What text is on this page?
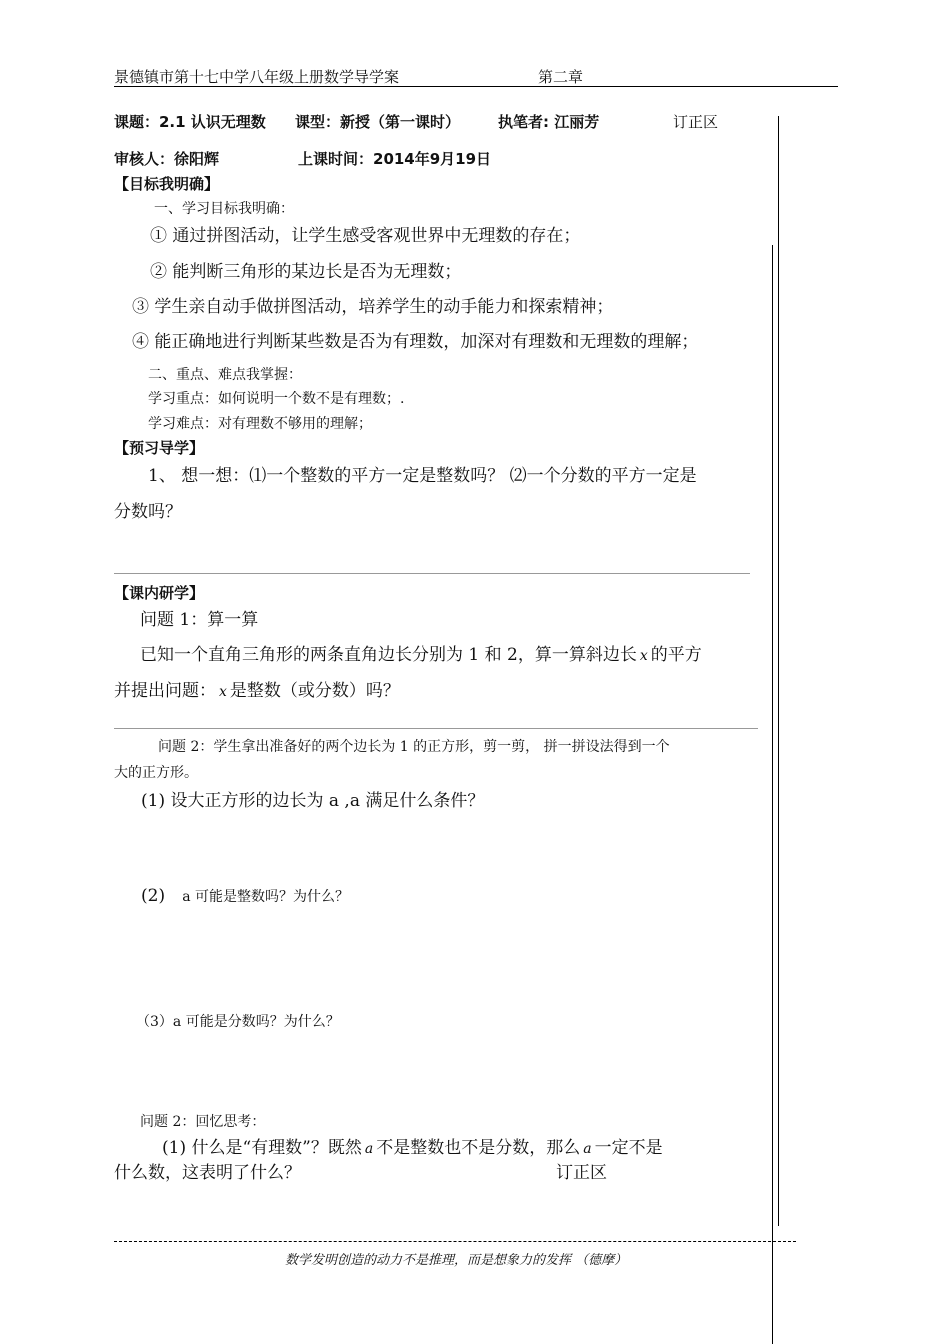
景德镇市第十七中学八年级上册数学导学案	第二章
课题：2.1 认识无理数 课型：新授（第一课时）	执笔者: 江丽芳	订正区
审核人：徐阳辉	上课时间：2014年9月19日
【目标我明确】
一、学习目标我明确：
① 通过拼图活动，让学生感受客观世界中无理数的存在；
② 能判断三角形的某边长是否为无理数；
③ 学生亲自动手做拼图活动，培养学生的动手能力和探索精神；
④ 能正确地进行判断某些数是否为有理数，加深对有理数和无理数的理解；
二、重点、难点我掌握：
学习重点：如何说明一个数不是有理数；.
学习难点：对有理数不够用的理解；
【预习导学】
1、 想一想：⑴一个整数的平方一定是整数吗？ ⑵一个分数的平方一定是
分数吗？
【课内研学】
问题 1：算一算
已知一个直角三角形的两条直角边长分别为 1 和 2，算一算斜边长 x 的平方
并提出问题： x 是整数（或分数）吗？
问题 2：学生拿出准备好的两个边长为 1 的正方形，剪一剪， 拼一拼设法得到一个
大的正方形。
(1) 设大正方形的边长为 a ,a 满足什么条件？
(2) a 可能是整数吗？为什么？
（3）a 可能是分数吗？为什么？
问题 2：回忆思考：
(1) 什么是“有理数”？既然 a 不是整数也不是分数，那么 a 一定不是
什么数，这表明了什么？	订正区
数学发明创造的动力不是推理，而是想象力的发挥 （德摩）
